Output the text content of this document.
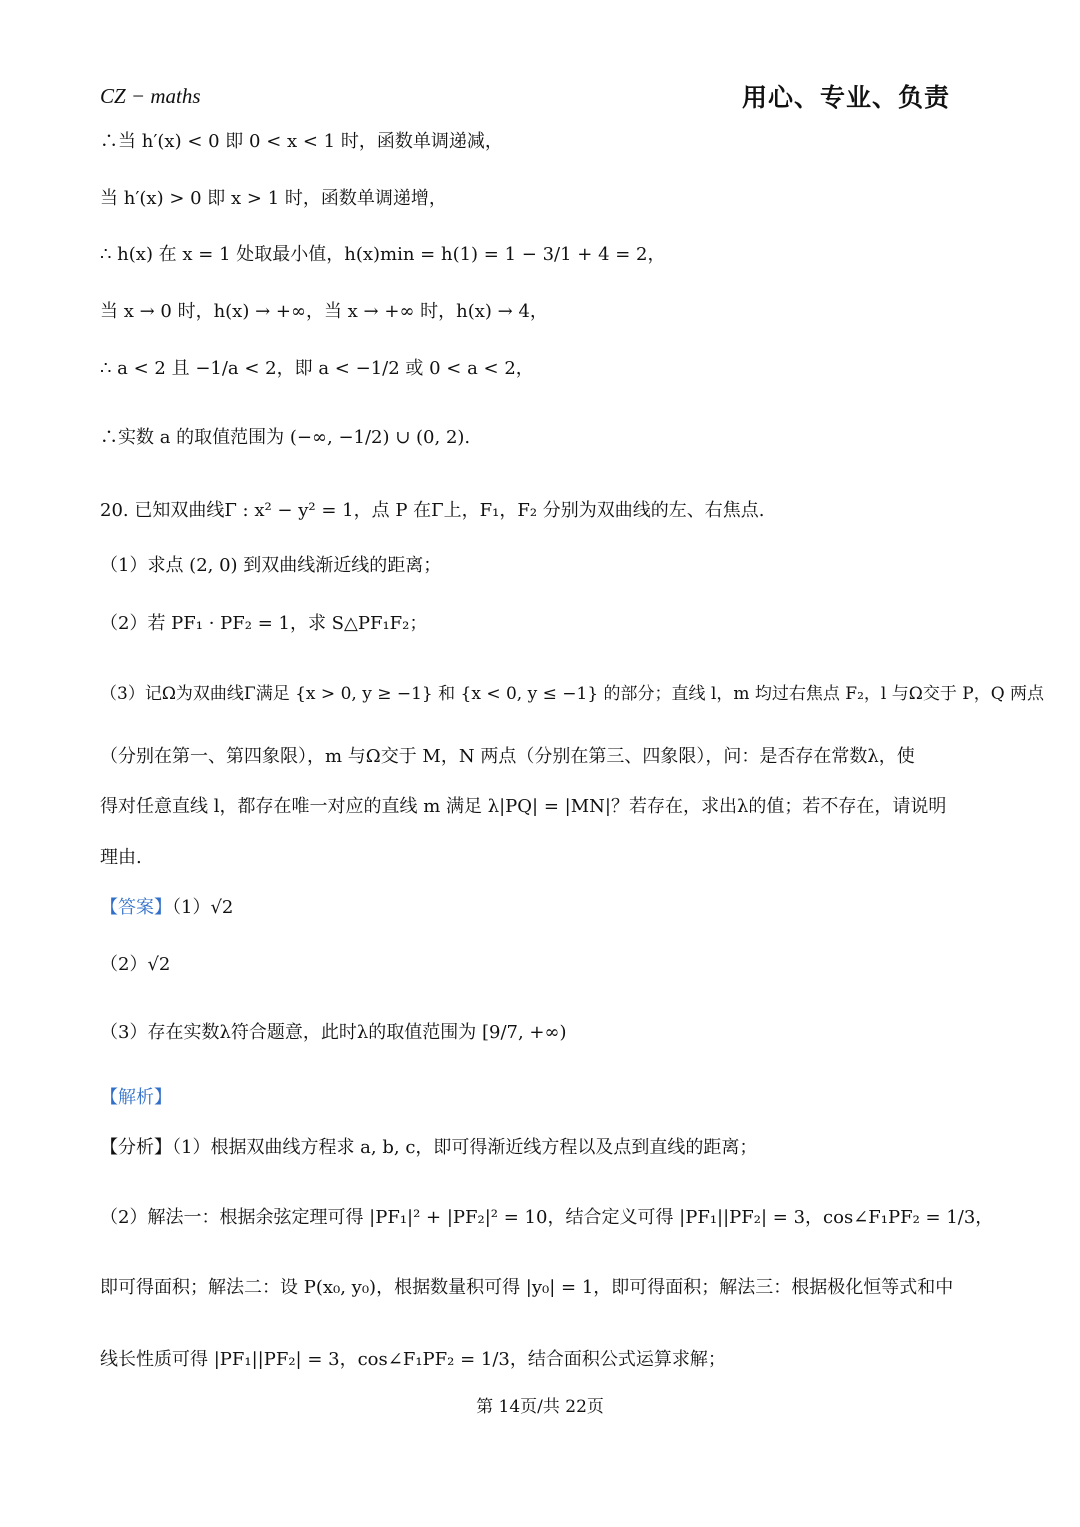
CZ − maths	用心、专业、负责
∴当 h′(x) < 0 即 0 < x < 1 时，函数单调递减，
当 h′(x) > 0 即 x > 1 时，函数单调递增，
∴ h(x) 在 x = 1 处取最小值，h(x)min = h(1) = 1 − 3/1 + 4 = 2，
当 x → 0 时，h(x) → +∞，当 x → +∞ 时，h(x) → 4，
∴ a < 2 且 −1/a < 2，即 a < −1/2 或 0 < a < 2，
∴实数 a 的取值范围为 (−∞, −1/2) ∪ (0, 2).
20. 已知双曲线Γ : x² − y² = 1，点 P 在Γ上，F₁，F₂ 分别为双曲线的左、右焦点.
（1）求点 (2, 0) 到双曲线渐近线的距离；
（2）若 PF₁ · PF₂ = 1，求 S△PF₁F₂；
（3）记Ω为双曲线Γ满足 {x > 0, y ≥ −1} 和 {x < 0, y ≤ −1} 的部分；直线 l，m 均过右焦点 F₂，l 与Ω交于 P，Q 两点
（分别在第一、第四象限），m 与Ω交于 M，N 两点（分别在第三、四象限），问：是否存在常数λ，使
得对任意直线 l，都存在唯一对应的直线 m 满足 λ|PQ| = |MN|？若存在，求出λ的值；若不存在，请说明
理由.
【答案】（1）√2
（2）√2
（3）存在实数λ符合题意，此时λ的取值范围为 [9/7, +∞)
【解析】
【分析】（1）根据双曲线方程求 a, b, c，即可得渐近线方程以及点到直线的距离；
（2）解法一：根据余弦定理可得 |PF₁|² + |PF₂|² = 10，结合定义可得 |PF₁||PF₂| = 3，cos∠F₁PF₂ = 1/3，
即可得面积；解法二：设 P(x₀, y₀)，根据数量积可得 |y₀| = 1，即可得面积；解法三：根据极化恒等式和中
线长性质可得 |PF₁||PF₂| = 3，cos∠F₁PF₂ = 1/3，结合面积公式运算求解；
第 14页/共 22页
